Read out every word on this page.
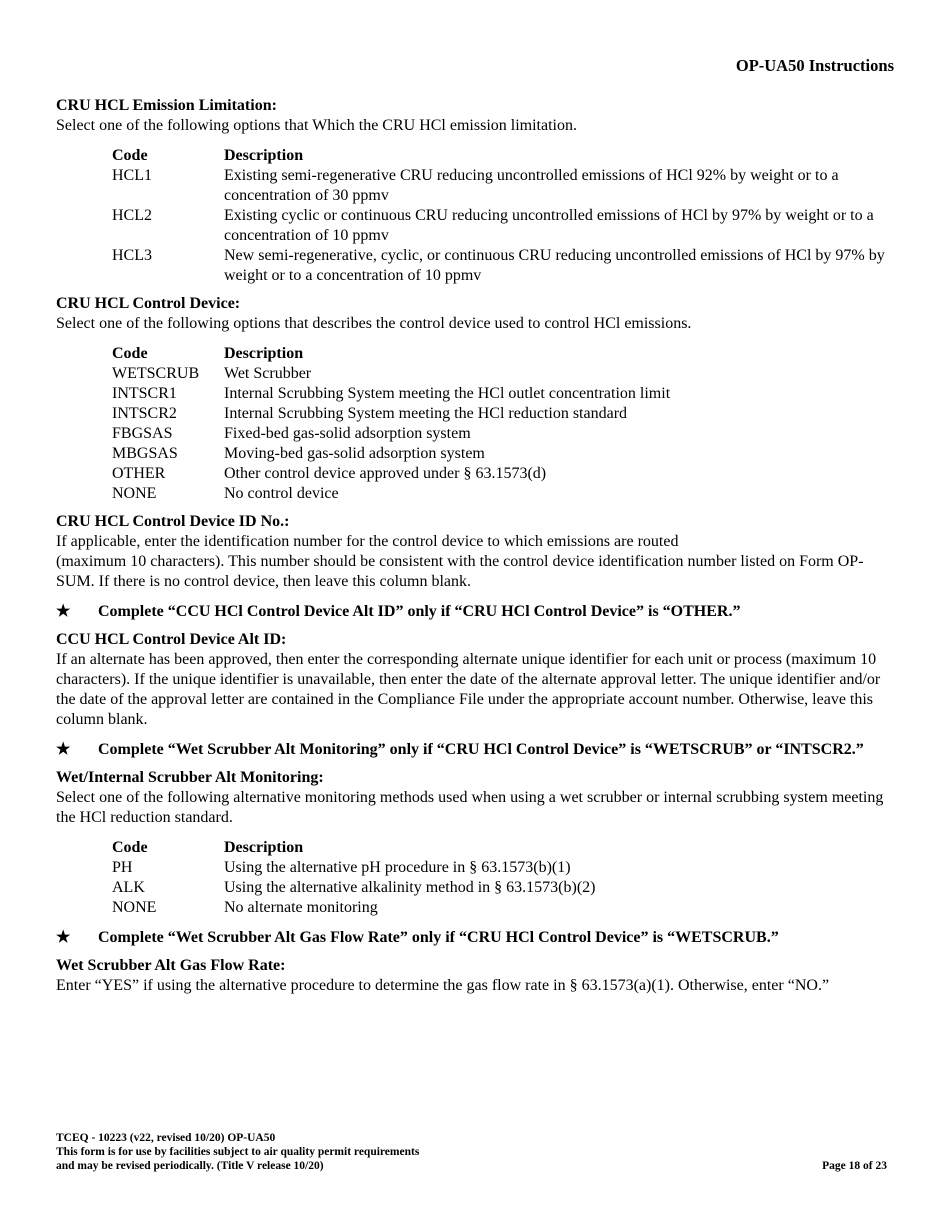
OP-UA50 Instructions

CRU HCL Emission Limitation:

Select one of the following options that Which the CRU HCl emission limitation.

Code	Description
HCL1	Existing semi-regenerative CRU reducing uncontrolled emissions of HCl 92% by weight or to a concentration of 30 ppmv
HCL2	Existing cyclic or continuous CRU reducing uncontrolled emissions of HCl by 97% by weight or to a concentration of 10 ppmv
HCL3	New semi-regenerative, cyclic, or continuous CRU reducing uncontrolled emissions of HCl by 97% by weight or to a concentration of 10 ppmv

CRU HCL Control Device:

Select one of the following options that describes the control device used to control HCl emissions.

Code	Description
WETSCRUB	Wet Scrubber
INTSCR1	Internal Scrubbing System meeting the HCl outlet concentration limit
INTSCR2	Internal Scrubbing System meeting the HCl reduction standard
FBGSAS	Fixed-bed gas-solid adsorption system
MBGSAS	Moving-bed gas-solid adsorption system
OTHER	Other control device approved under § 63.1573(d)
NONE	No control device

CRU HCL Control Device ID No.:

If applicable, enter the identification number for the control device to which emissions are routed

(maximum 10 characters). This number should be consistent with the control device identification number listed on Form OP-SUM. If there is no control device, then leave this column blank.

★ Complete “CCU HCl Control Device Alt ID” only if “CRU HCl Control Device” is “OTHER.”

CCU HCL Control Device Alt ID:

If an alternate has been approved, then enter the corresponding alternate unique identifier for each unit or process (maximum 10 characters). If the unique identifier is unavailable, then enter the date of the alternate approval letter. The unique identifier and/or the date of the approval letter are contained in the Compliance File under the appropriate account number. Otherwise, leave this column blank.

★ Complete “Wet Scrubber Alt Monitoring” only if “CRU HCl Control Device” is “WETSCRUB” or “INTSCR2.”

Wet/Internal Scrubber Alt Monitoring:

Select one of the following alternative monitoring methods used when using a wet scrubber or internal scrubbing system meeting the HCl reduction standard.

Code	Description
PH	Using the alternative pH procedure in § 63.1573(b)(1)
ALK	Using the alternative alkalinity method in § 63.1573(b)(2)
NONE	No alternate monitoring
★ Complete “Wet Scrubber Alt Gas Flow Rate” only if “CRU HCl Control Device” is “WETSCRUB.”

Wet Scrubber Alt Gas Flow Rate:

Enter “YES” if using the alternative procedure to determine the gas flow rate in § 63.1573(a)(1). Otherwise, enter “NO.”

TCEQ - 10223 (v22, revised 10/20) OP-UA50
This form is for use by facilities subject to air quality permit requirements
and may be revised periodically. (Title V release 10/20)	Page 18 of 23
